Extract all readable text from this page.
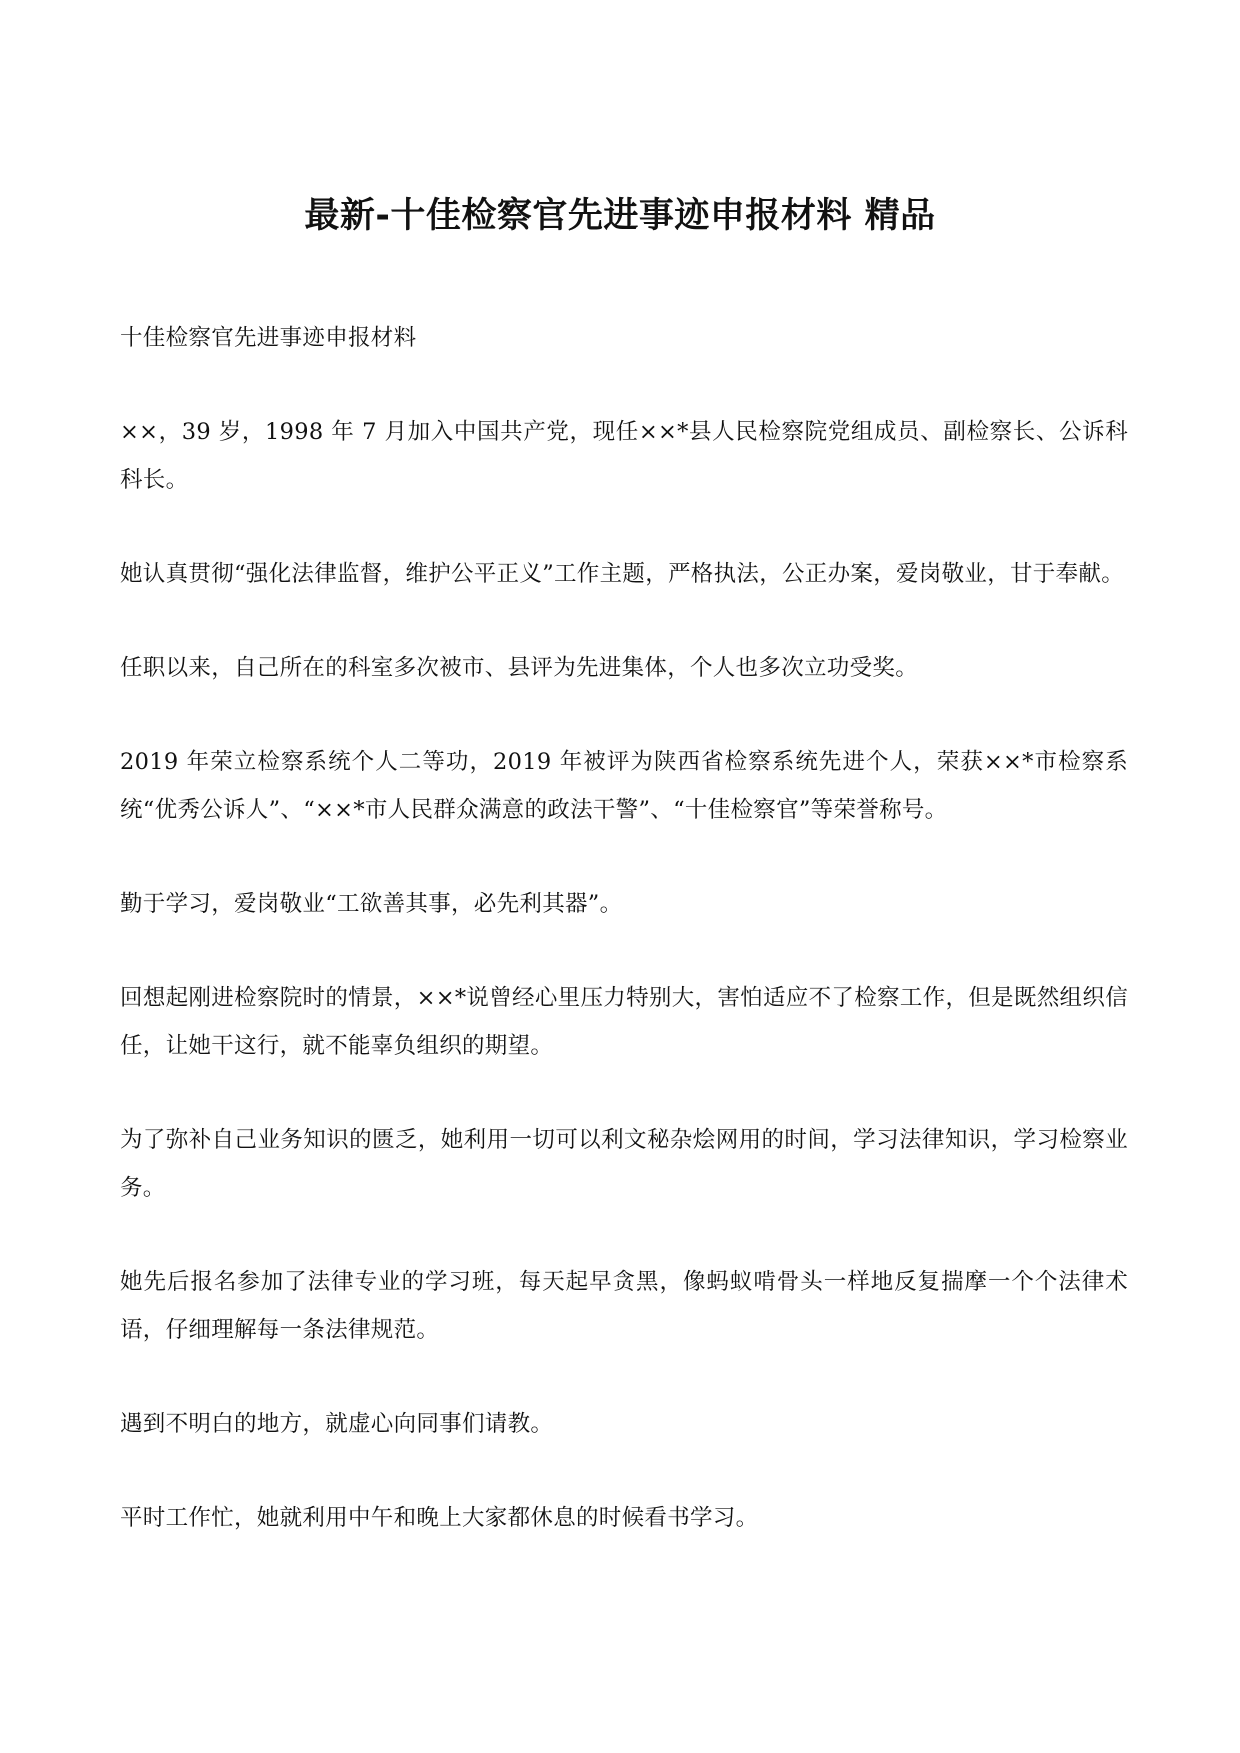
最新-十佳检察官先进事迹申报材料 精品

十佳检察官先进事迹申报材料

××，39 岁，1998 年 7 月加入中国共产党，现任××*县人民检察院党组成员、副检察长、公诉科科长。

她认真贯彻“强化法律监督，维护公平正义”工作主题，严格执法，公正办案，爱岗敬业，甘于奉献。

任职以来，自己所在的科室多次被市、县评为先进集体，个人也多次立功受奖。

2019 年荣立检察系统个人二等功，2019 年被评为陕西省检察系统先进个人，荣获××*市检察系统“优秀公诉人”、“××*市人民群众满意的政法干警”、“十佳检察官”等荣誉称号。

勤于学习，爱岗敬业“工欲善其事，必先利其器”。

回想起刚进检察院时的情景，××*说曾经心里压力特别大，害怕适应不了检察工作，但是既然组织信任，让她干这行，就不能辜负组织的期望。

为了弥补自己业务知识的匮乏，她利用一切可以利文秘杂烩网用的时间，学习法律知识，学习检察业务。

她先后报名参加了法律专业的学习班，每天起早贪黑，像蚂蚁啃骨头一样地反复揣摩一个个法律术语，仔细理解每一条法律规范。

遇到不明白的地方，就虚心向同事们请教。

平时工作忙，她就利用中午和晚上大家都休息的时候看书学习。
